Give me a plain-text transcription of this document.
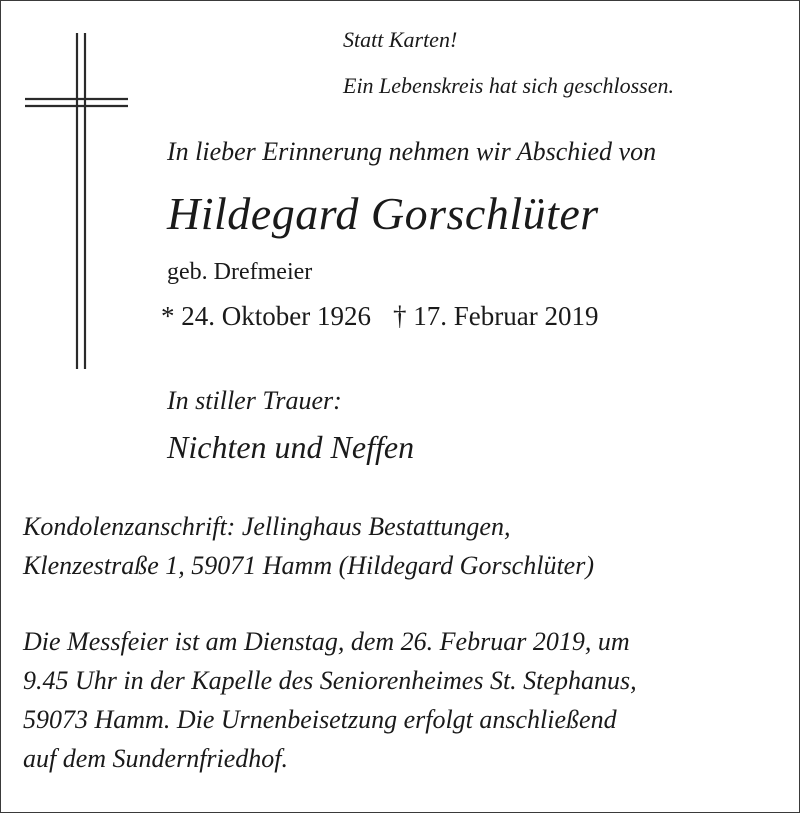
Statt Karten!

Ein Lebenskreis hat sich geschlossen.

In lieber Erinnerung nehmen wir Abschied von

Hildegard Gorschlüter

geb. Drefmeier

* 24. Oktober 1926 † 17. Februar 2019

In stiller Trauer:

Nichten und Neffen

Kondolenzanschrift: Jellinghaus Bestattungen,

Klenzestraße 1, 59071 Hamm (Hildegard Gorschlüter)

Die Messfeier ist am Dienstag, dem 26. Februar 2019, um
9.45 Uhr in der Kapelle des Seniorenheimes St. Stephanus,
59073 Hamm. Die Urnenbeisetzung erfolgt anschließend
auf dem Sundernfriedhof.
